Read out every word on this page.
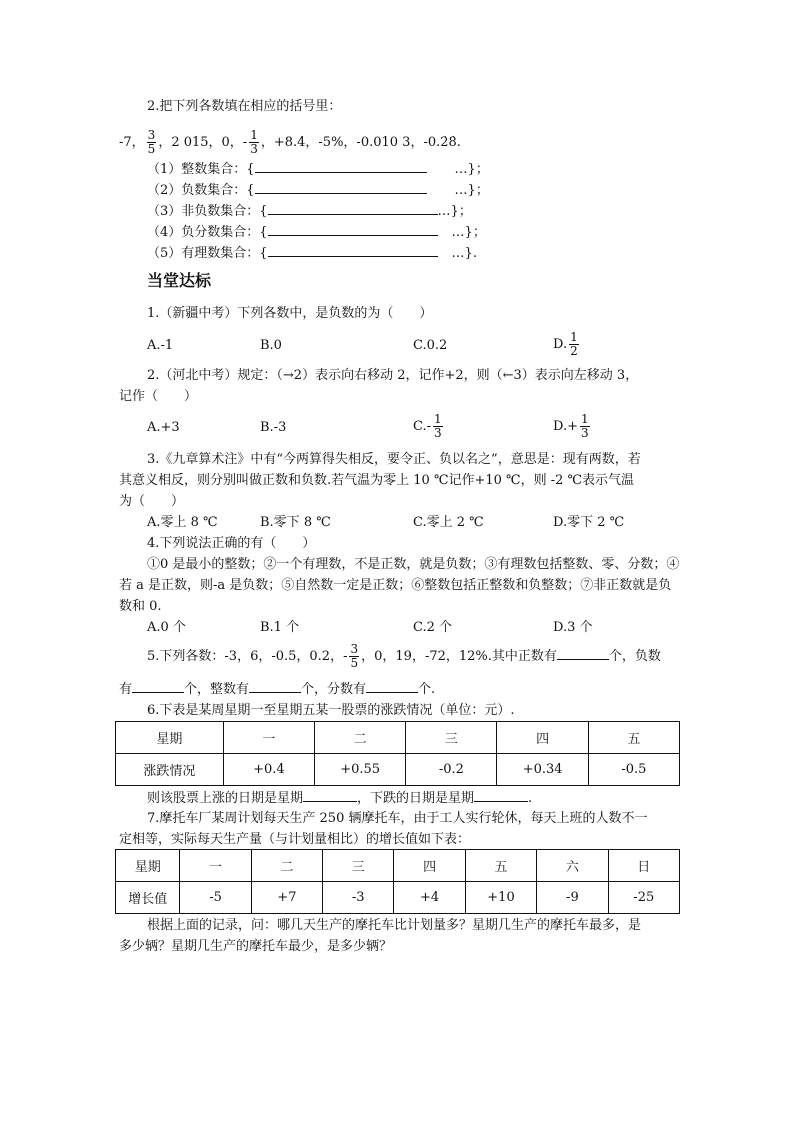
2.把下列各数填在相应的括号里：
-7， $\frac{3}{5}$ ，2 015，0，- $\frac{1}{3}$ ，+8.4，-5%，-0.010 3，-0.2̇8̇.
（1）整数集合：{	…}；
（2）负数集合：{	…}；
（3）非负数集合：{	…}；
（4）负分数集合：{	…}；
（5）有理数集合：{	…}.
当堂达标
1.（新疆中考）下列各数中，是负数的为（　　）
A.-1	B.0	C.0.2	D. $\frac{1}{2}$
2.（河北中考）规定：（→2）表示向右移动 2，记作+2，则（←3）表示向左移动 3，
记作（　　）
A.+3	B.-3	$C.- \frac{1}{3}$	$D.+ \frac{1}{3}$
3.《九章算术注》中有“今两算得失相反，要令正、负以名之”，意思是：现有两数，若
其意义相反，则分别叫做正数和负数.若气温为零上 10 ℃记作+10 ℃，则 -2 ℃表示气温
为（　　）
A.零上 8 ℃	B.零下 8 ℃	C.零上 2 ℃	D.零下 2 ℃
4.下列说法正确的有（　　）
①0 是最小的整数；②一个有理数，不是正数，就是负数；③有理数包括整数、零、分数；④
若 a 是正数，则-a 是负数；⑤自然数一定是正数；⑥整数包括正整数和负整数；⑦非正数就是负
数和 0.
A.0 个	B.1 个	C.2 个	D.3 个
5.下列各数：-3，6，-0.5，0.2，- $\frac{3}{5}$ ，0，19，-72，12%.其中正数有	个，负数
有	个，整数有	个，分数有	个.
6.下表是某周星期一至星期五某一股票的涨跌情况（单位：元）.
星期	一	二	三	四	五
涨跌情况	+0.4	+0.55	-0.2	+0.34	-0.5
则该股票上涨的日期是星期	，下跌的日期是星期	.
7.摩托车厂某周计划每天生产 250 辆摩托车，由于工人实行轮休，每天上班的人数不一
定相等，实际每天生产量（与计划量相比）的增长值如下表：
星期	一	二	三	四	五	六	日
增长值	-5	+7	-3	+4	+10	-9	-25
根据上面的记录，问：哪几天生产的摩托车比计划量多？星期几生产的摩托车最多，是
多少辆？星期几生产的摩托车最少，是多少辆？
